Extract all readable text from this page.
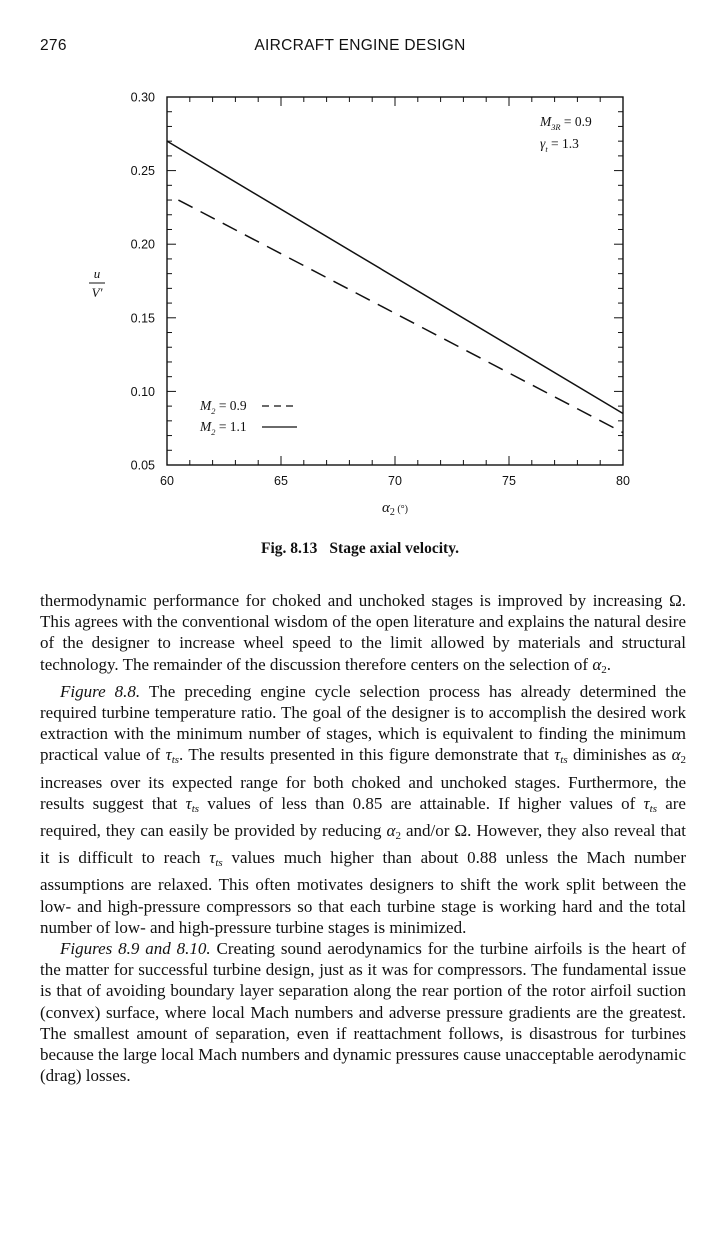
276	AIRCRAFT ENGINE DESIGN
60	65	70	75	80
0.05
0.10
0.15
0.20
0.25
0.30
$M_{3R} = 0.9$
$\gamma_t = 1.3$
$M_2 = 0.9$
$M_2 = 1.1$
$\alpha_2$ (°)
u
V'
Fig. 8.13 Stage axial velocity.

thermodynamic performance for choked and unchoked stages is improved by increasing Ω. This agrees with the conventional wisdom of the open literature and explains the natural desire of the designer to increase wheel speed to the limit allowed by materials and structural technology. The remainder of the discussion therefore centers on the selection of α2.

Figure 8.8. The preceding engine cycle selection process has already determined the required turbine temperature ratio. The goal of the designer is to accomplish the desired work extraction with the minimum number of stages, which is equivalent to finding the minimum practical value of $\tau_{ts}$. The results presented in this figure demonstrate that $\tau_{ts}$ diminishes as α2 increases over its expected range for both choked and unchoked stages. Furthermore, the results suggest that $\tau_{ts}$ values of less than 0.85 are attainable. If higher values of $\tau_{ts}$ are required, they can easily be provided by reducing α2 and/or Ω. However, they also reveal that it is difficult to reach $\tau_{ts}$ values much higher than about 0.88 unless the Mach number assumptions are relaxed. This often motivates designers to shift the work split between the low- and high-pressure compressors so that each turbine stage is working hard and the total number of low- and high-pressure turbine stages is minimized.

Figures 8.9 and 8.10. Creating sound aerodynamics for the turbine airfoils is the heart of the matter for successful turbine design, just as it was for compressors. The fundamental issue is that of avoiding boundary layer separation along the rear portion of the rotor airfoil suction (convex) surface, where local Mach numbers and adverse pressure gradients are the greatest. The smallest amount of separation, even if reattachment follows, is disastrous for turbines because the large local Mach numbers and dynamic pressures cause unacceptable aerodynamic (drag) losses.
